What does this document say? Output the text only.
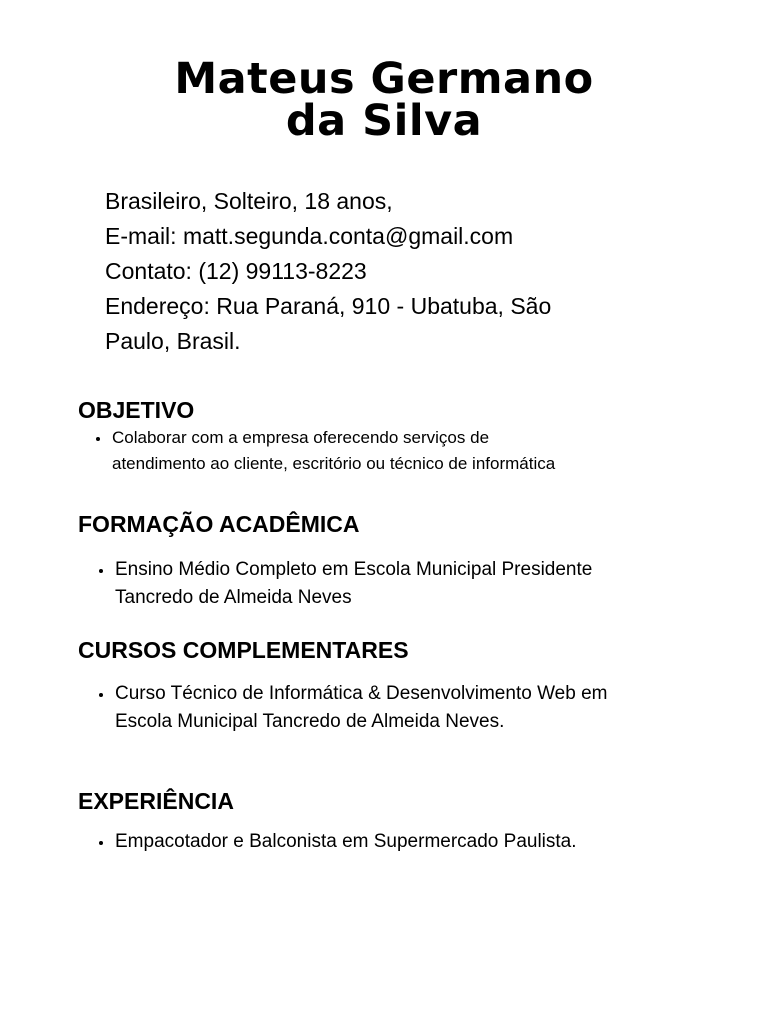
Mateus Germano
da Silva
Brasileiro, Solteiro, 18 anos,
E-mail: matt.segunda.conta@gmail.com
Contato: (12) 99113-8223
Endereço: Rua Paraná, 910 - Ubatuba, São
Paulo, Brasil.
OBJETIVO
Colaborar com a empresa oferecendo serviços de
atendimento ao cliente, escritório ou técnico de informática
FORMAÇÃO ACADÊMICA
Ensino Médio Completo em Escola Municipal Presidente
Tancredo de Almeida Neves
CURSOS COMPLEMENTARES
Curso Técnico de Informática & Desenvolvimento Web em
Escola Municipal Tancredo de Almeida Neves.
EXPERIÊNCIA
Empacotador e Balconista em Supermercado Paulista.
